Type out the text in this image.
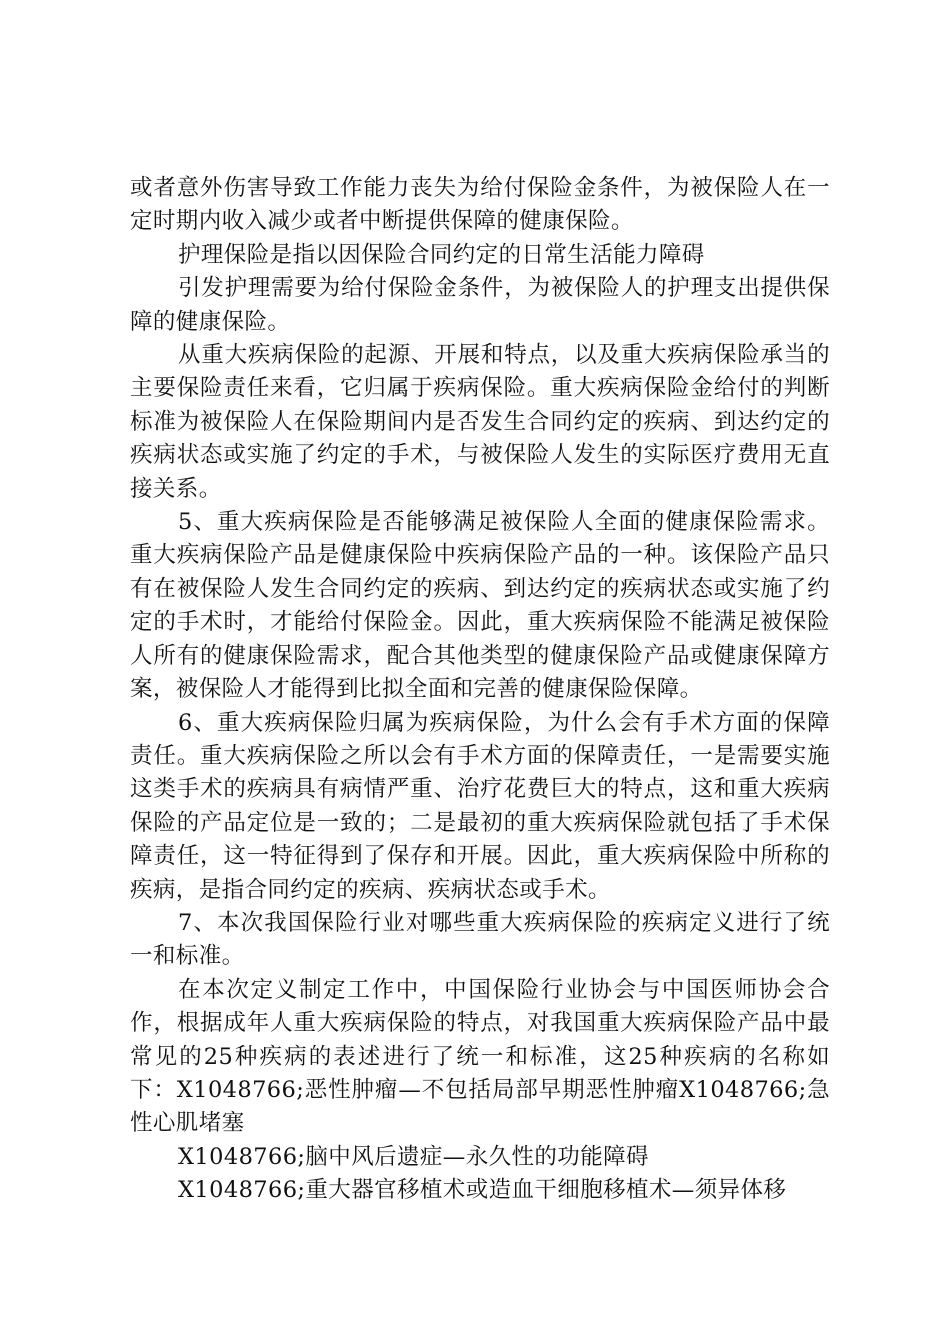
或者意外伤害导致工作能力丧失为给付保险金条件，为被保险人在一定时期内收入减少或者中断提供保障的健康保险。

护理保险是指以因保险合同约定的日常生活能力障碍

引发护理需要为给付保险金条件，为被保险人的护理支出提供保障的健康保险。

从重大疾病保险的起源、开展和特点，以及重大疾病保险承当的主要保险责任来看，它归属于疾病保险。重大疾病保险金给付的判断标准为被保险人在保险期间内是否发生合同约定的疾病、到达约定的疾病状态或实施了约定的手术，与被保险人发生的实际医疗费用无直接关系。

5、重大疾病保险是否能够满足被保险人全面的健康保险需求。重大疾病保险产品是健康保险中疾病保险产品的一种。该保险产品只有在被保险人发生合同约定的疾病、到达约定的疾病状态或实施了约定的手术时，才能给付保险金。因此，重大疾病保险不能满足被保险人所有的健康保险需求，配合其他类型的健康保险产品或健康保障方案，被保险人才能得到比拟全面和完善的健康保险保障。

6、重大疾病保险归属为疾病保险，为什么会有手术方面的保障责任。重大疾病保险之所以会有手术方面的保障责任，一是需要实施这类手术的疾病具有病情严重、治疗花费巨大的特点，这和重大疾病保险的产品定位是一致的；二是最初的重大疾病保险就包括了手术保障责任，这一特征得到了保存和开展。因此，重大疾病保险中所称的疾病，是指合同约定的疾病、疾病状态或手术。

7、本次我国保险行业对哪些重大疾病保险的疾病定义进行了统一和标准。

在本次定义制定工作中，中国保险行业协会与中国医师协会合作，根据成年人重大疾病保险的特点，对我国重大疾病保险产品中最常见的25种疾病的表述进行了统一和标准，这25种疾病的名称如下：X1048766;恶性肿瘤—不包括局部早期恶性肿瘤X1048766;急性心肌堵塞

X1048766;脑中风后遗症—永久性的功能障碍

X1048766;重大器官移植术或造血干细胞移植术—须异体移
